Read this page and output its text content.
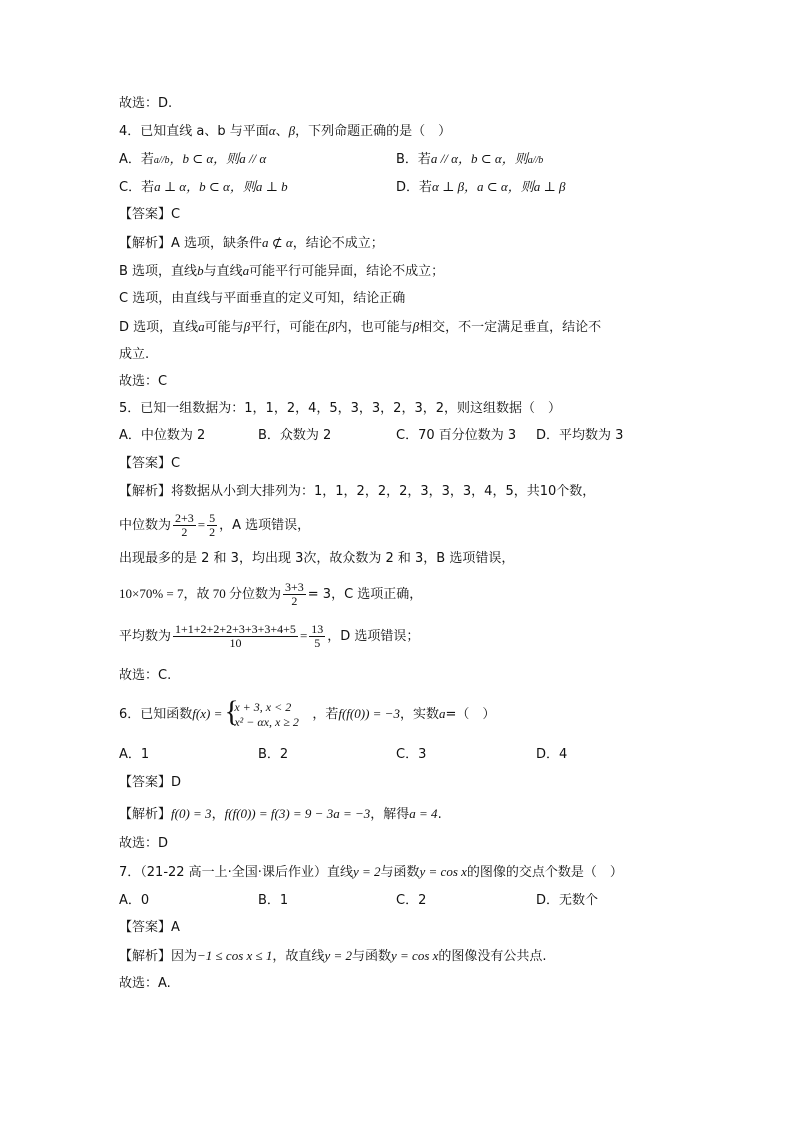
故选：D.
4．已知直线 a、b 与平面α、β，下列命题正确的是（　）
A．若a//b，b ⊂ α，则a // α	B．若a // α，b ⊂ α，则a//b
C．若a ⊥ α，b ⊂ α，则a ⊥ b	D．若α ⊥ β，a ⊂ α，则a ⊥ β
【答案】C
【解析】A 选项，缺条件a ⊄ α，结论不成立；
B 选项，直线b与直线a可能平行可能异面，结论不成立；
C 选项，由直线与平面垂直的定义可知，结论正确
D 选项，直线a可能与β平行，可能在β内，也可能与β相交，不一定满足垂直，结论不
成立.
故选：C
5．已知一组数据为：1，1，2，4，5，3，3，2，3，2，则这组数据（　）
A．中位数为 2	B．众数为 2	C．70 百分位数为 3 D．平均数为 3
【答案】C
【解析】将数据从小到大排列为：1，1，2，2，2，3，3，3，4，5，共10个数，
中位数为 $\frac{2+3}{2} = \frac{5}{2}$ ，A 选项错误，
出现最多的是 2 和 3，均出现 3次，故众数为 2 和 3，B 选项错误，
10×70% = 7，故 70 分位数为 $\frac{3+3}{2} = 3$，C 选项正确，
平均数为 $\frac{1+1+2+2+2+3+3+3+4+5}{10} = \frac{13}{5}$ ，D 选项错误；
故选：C.
6．已知函数f(x) = {
x + 3, x < 2
x² − αx, x ≥ 2 ，若f(f(0)) = −3，实数a=（　）
A．1	B．2	C．3	D．4
【答案】D
【解析】f(0) = 3，f(f(0)) = f(3) = 9 − 3a = −3，解得a = 4.
故选：D
7．（21-22 高一上·全国·课后作业）直线y = 2与函数y = cos x的图像的交点个数是（　）
A．0	B．1	C．2	D．无数个
【答案】A
【解析】因为−1 ≤ cos x ≤ 1，故直线y = 2与函数y = cos x的图像没有公共点.
故选：A.
